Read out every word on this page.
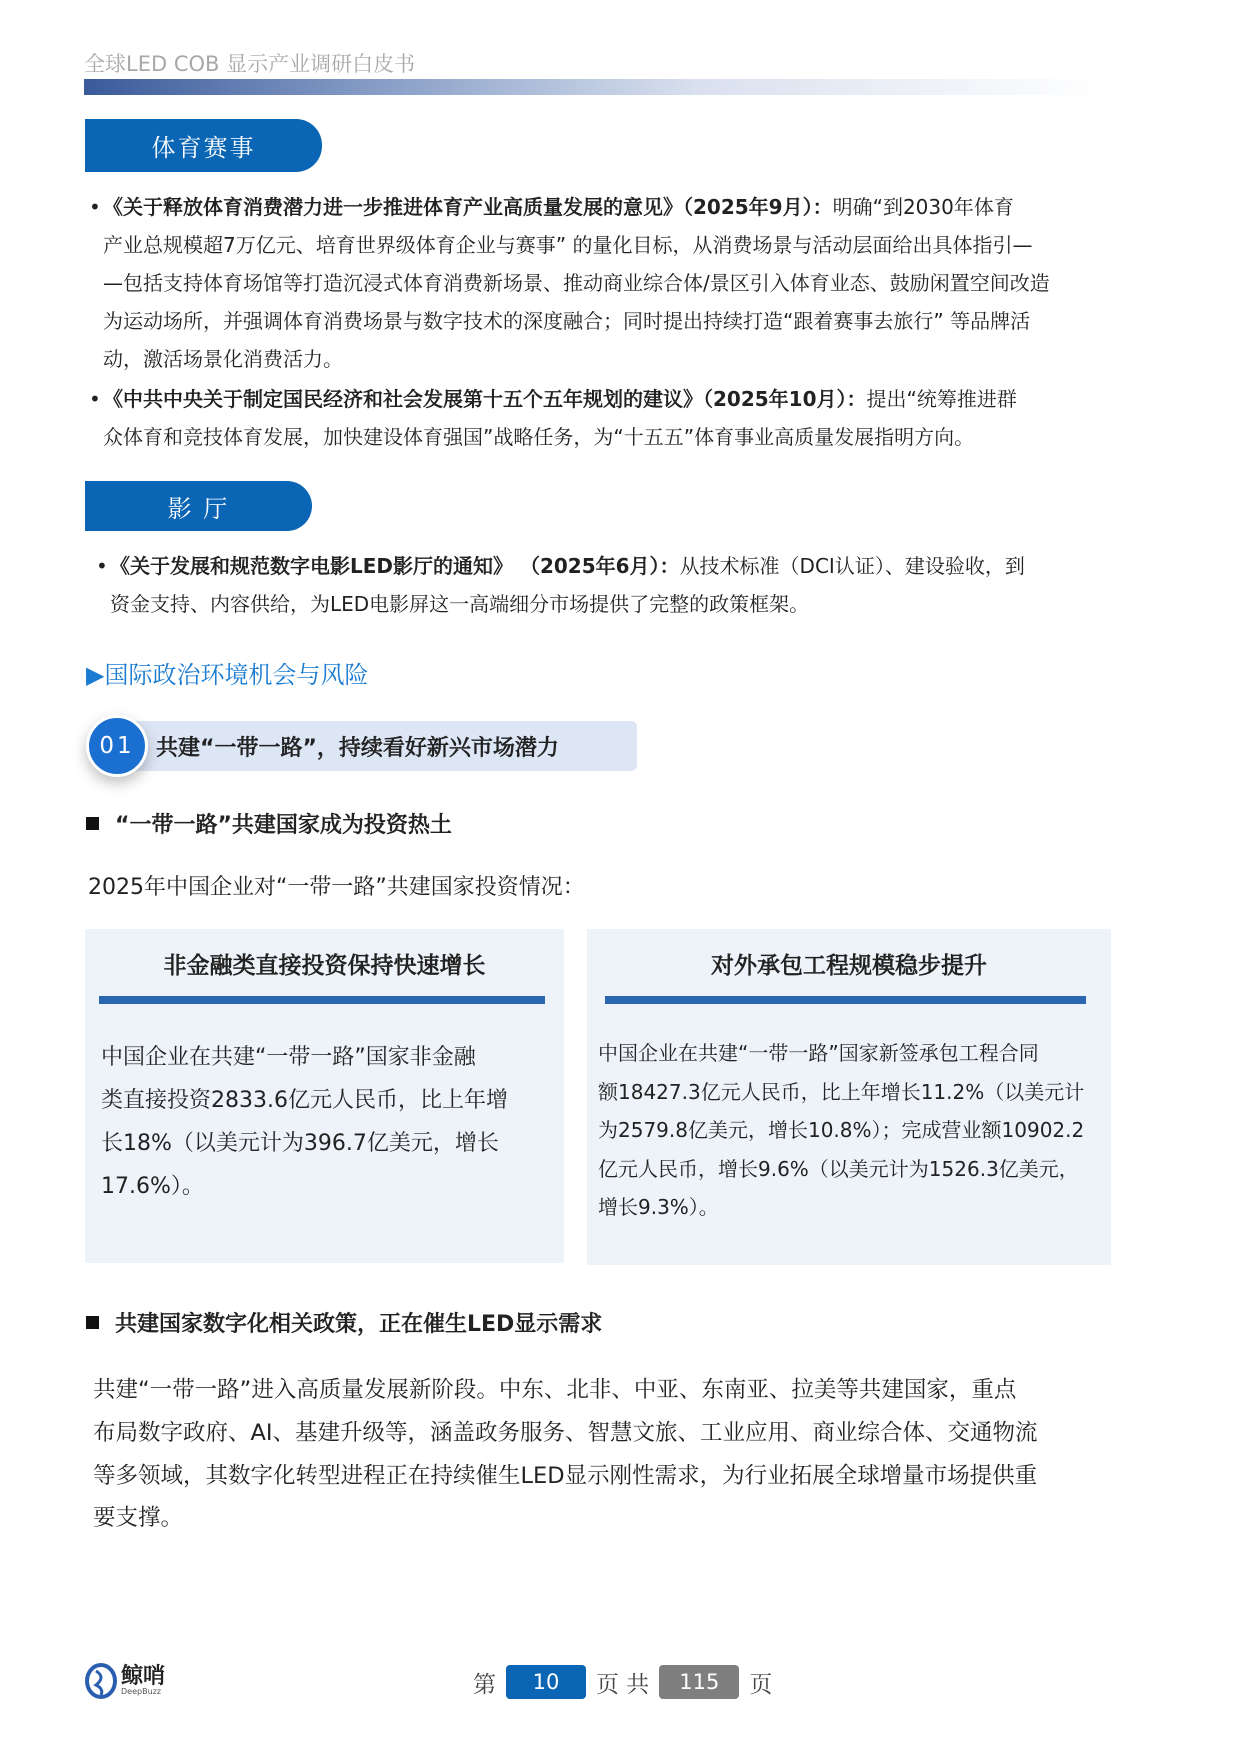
全球LED COB 显示产业调研白皮书
体育赛事
• 《关于释放体育消费潜力进一步推进体育产业高质量发展的意见》（2025年9月）：明确“到2030年体育
产业总规模超7万亿元、培育世界级体育企业与赛事” 的量化目标，从消费场景与活动层面给出具体指引—
—包括支持体育场馆等打造沉浸式体育消费新场景、推动商业综合体/景区引入体育业态、鼓励闲置空间改造
为运动场所，并强调体育消费场景与数字技术的深度融合；同时提出持续打造“跟着赛事去旅行” 等品牌活
动，激活场景化消费活力。
• 《中共中央关于制定国民经济和社会发展第十五个五年规划的建议》（2025年10月）：提出“统筹推进群
众体育和竞技体育发展，加快建设体育强国”战略任务，为“十五五”体育事业高质量发展指明方向。
影 厅
• 《关于发展和规范数字电影LED影厅的通知》 （2025年6月）：从技术标准（DCI认证）、建设验收，到
资金支持、内容供给，为LED电影屏这一高端细分市场提供了完整的政策框架。
▶国际政治环境机会与风险
共建“一带一路”，持续看好新兴市场潜力
01
“一带一路”共建国家成为投资热土
2025年中国企业对“一带一路”共建国家投资情况：
非金融类直接投资保持快速增长
中国企业在共建“一带一路”国家非金融
类直接投资2833.6亿元人民币，比上年增
长18%（以美元计为396.7亿美元，增长
17.6%）。
对外承包工程规模稳步提升
中国企业在共建“一带一路”国家新签承包工程合同
额18427.3亿元人民币，比上年增长11.2%（以美元计
为2579.8亿美元，增长10.8%）；完成营业额10902.2
亿元人民币，增长9.6%（以美元计为1526.3亿美元，
增长9.3%）。
共建国家数字化相关政策，正在催生LED显示需求
共建“一带一路”进入高质量发展新阶段。中东、北非、中亚、东南亚、拉美等共建国家，重点
布局数字政府、AI、基建升级等，涵盖政务服务、智慧文旅、工业应用、商业综合体、交通物流
等多领域，其数字化转型进程正在持续催生LED显示刚性需求，为行业拓展全球增量市场提供重
要支撑。
鲸哨
DeepBuzz	第	10	页 共	115	页
